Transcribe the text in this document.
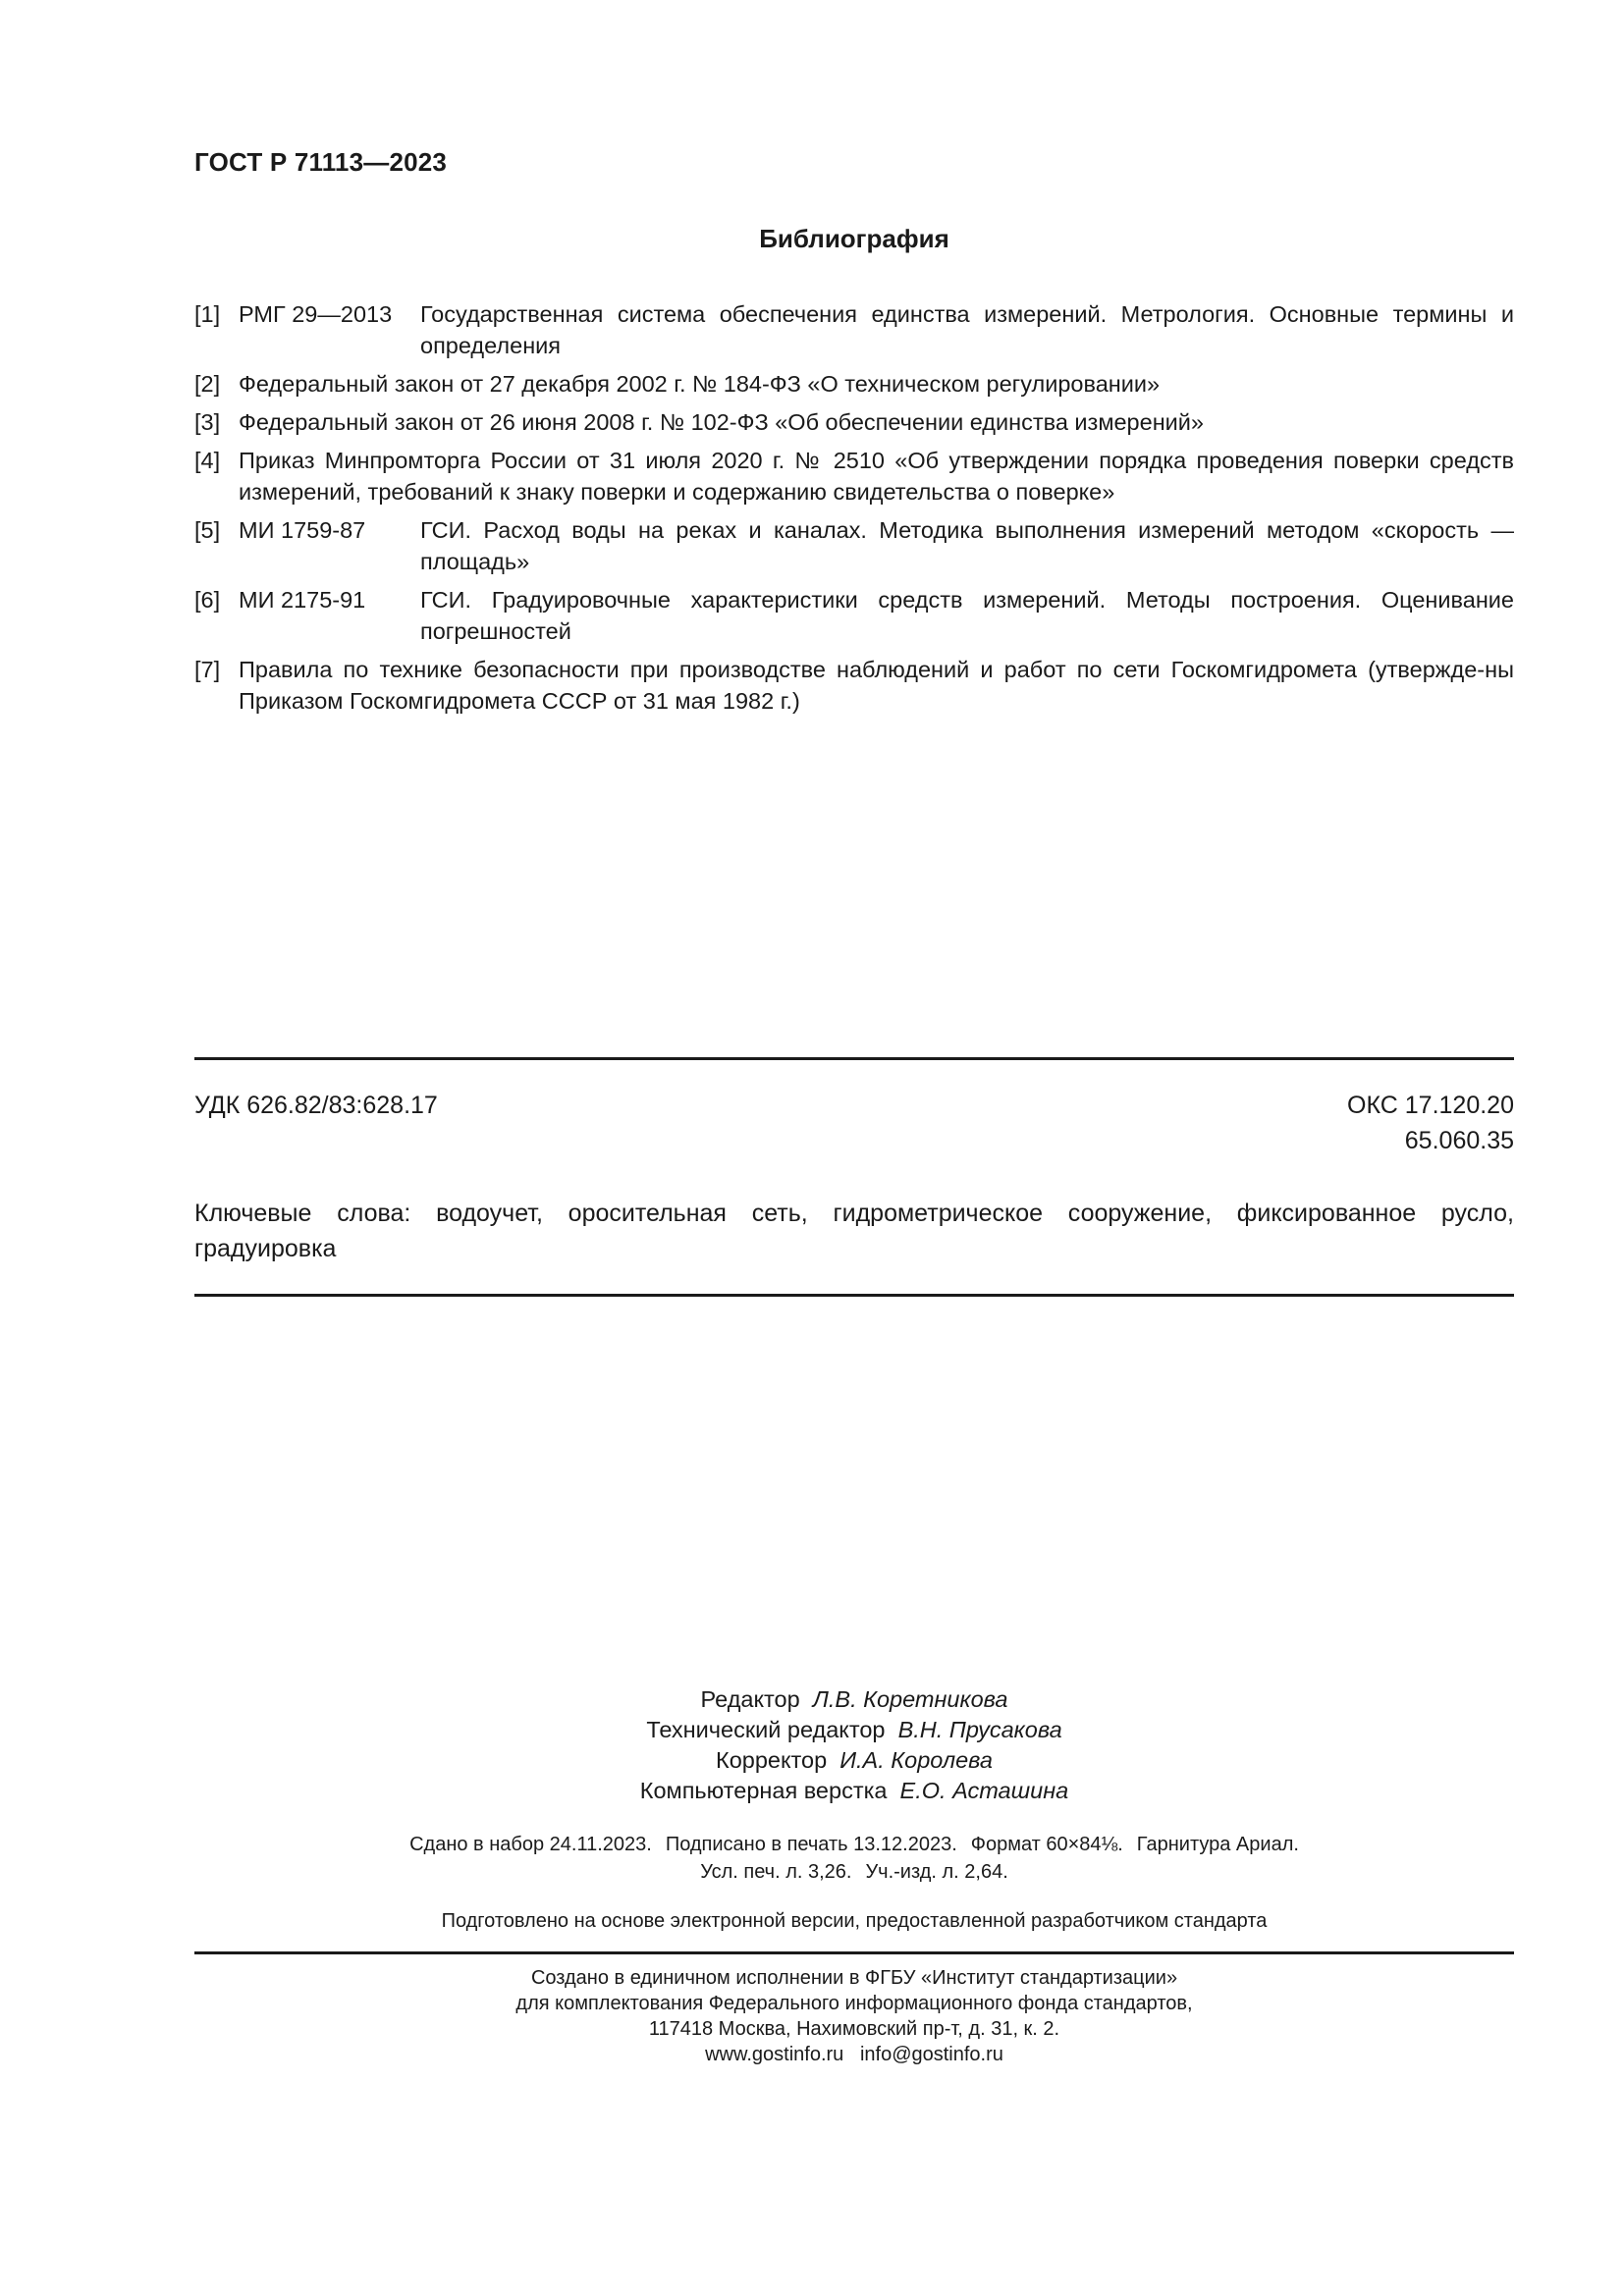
ГОСТ Р 71113—2023
Библиография
[1] РМГ 29—2013	Государственная система обеспечения единства измерений. Метрология. Основные термины и определения
[2] Федеральный закон от 27 декабря 2002 г. № 184-ФЗ «О техническом регулировании»
[3] Федеральный закон от 26 июня 2008 г. № 102-ФЗ «Об обеспечении единства измерений»
[4] Приказ Минпромторга России от 31 июля 2020 г. № 2510 «Об утверждении порядка проведения поверки средств измерений, требований к знаку поверки и содержанию свидетельства о поверке»
[5] МИ 1759-87	ГСИ. Расход воды на реках и каналах. Методика выполнения измерений методом «скорость — площадь»
[6] МИ 2175-91	ГСИ. Градуировочные характеристики средств измерений. Методы построения. Оценивание погрешностей
[7] Правила по технике безопасности при производстве наблюдений и работ по сети Госкомгидромета (утвержде-ны Приказом Госкомгидромета СССР от 31 мая 1982 г.)
УДК 626.82/83:628.17	ОКС 17.120.20
65.060.35
Ключевые слова: водоучет, оросительная сеть, гидрометрическое сооружение, фиксированное русло, градуировка
Редактор Л.В. Коретникова
Технический редактор В.Н. Прусакова
Корректор И.А. Королева
Компьютерная верстка Е.О. Асташина
Сдано в набор 24.11.2023. Подписано в печать 13.12.2023. Формат 60×84⅛. Гарнитура Ариал.
Усл. печ. л. 3,26. Уч.-изд. л. 2,64.
Подготовлено на основе электронной версии, предоставленной разработчиком стандарта
Создано в единичном исполнении в ФГБУ «Институт стандартизации»
для комплектования Федерального информационного фонда стандартов,
117418 Москва, Нахимовский пр-т, д. 31, к. 2.
www.gostinfo.ru info@gostinfo.ru
